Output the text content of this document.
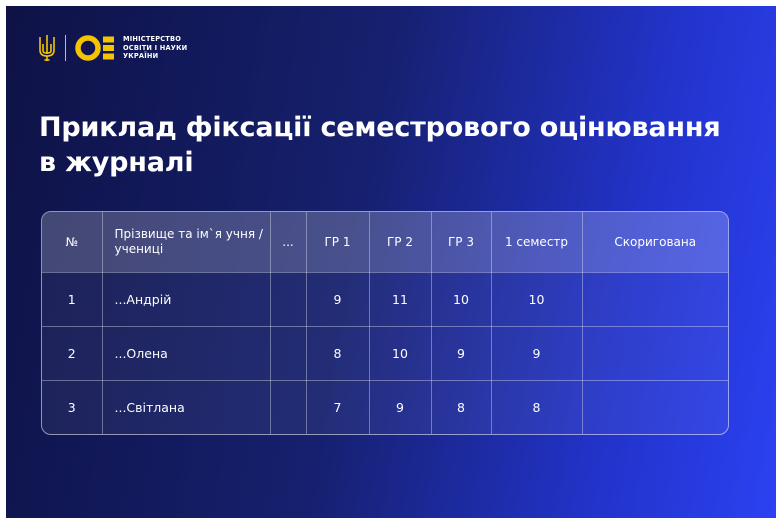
МІНІСТЕРСТВО
ОСВІТИ І НАУКИ
УКРАЇНИ
Приклад фіксації семестрового оцінювання
в журналі
№	Прізвище та ім`я учня / учениці	...	ГР 1	ГР 2	ГР 3	1 семестр	Скоригована
1	...Андрій		9	11	10	10	
2	...Олена		8	10	9	9	
3	...Світлана		7	9	8	8	
